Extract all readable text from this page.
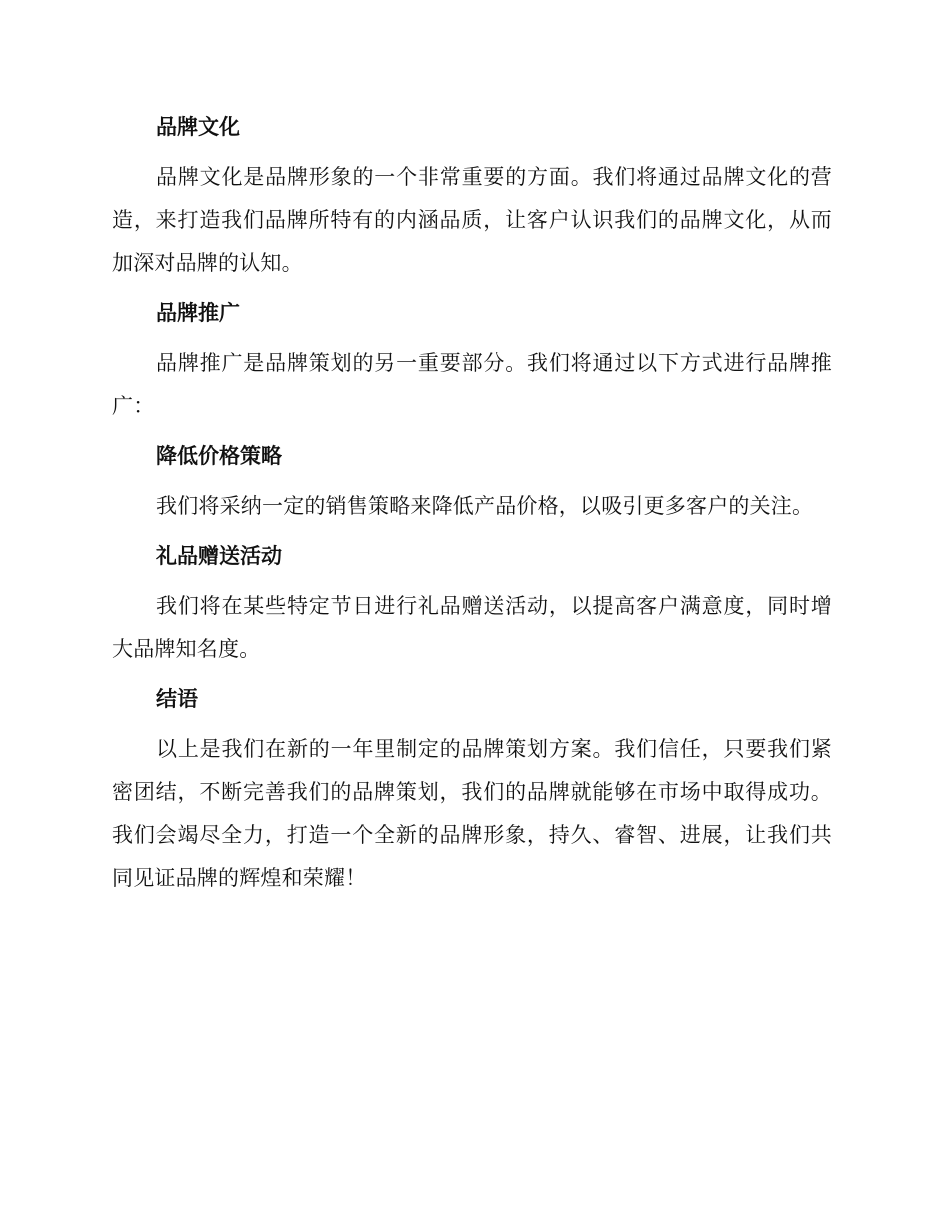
品牌文化

品牌文化是品牌形象的一个非常重要的方面。我们将通过品牌文化的营造，来打造我们品牌所特有的内涵品质，让客户认识我们的品牌文化，从而加深对品牌的认知。

品牌推广

品牌推广是品牌策划的另一重要部分。我们将通过以下方式进行品牌推广：

降低价格策略

我们将采纳一定的销售策略来降低产品价格，以吸引更多客户的关注。

礼品赠送活动

我们将在某些特定节日进行礼品赠送活动，以提高客户满意度，同时增大品牌知名度。

结语

以上是我们在新的一年里制定的品牌策划方案。我们信任，只要我们紧密团结，不断完善我们的品牌策划，我们的品牌就能够在市场中取得成功。我们会竭尽全力，打造一个全新的品牌形象，持久、睿智、进展，让我们共同见证品牌的辉煌和荣耀！
